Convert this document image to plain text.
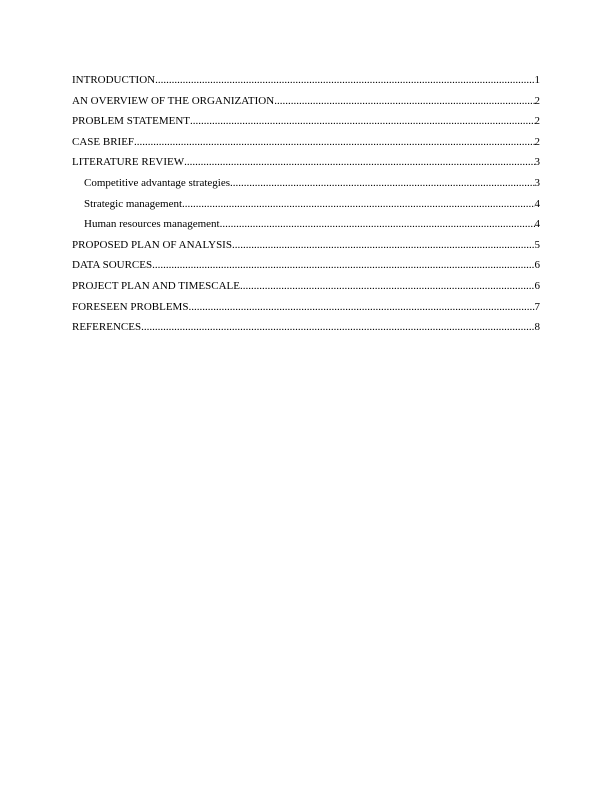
INTRODUCTION .....	1
AN OVERVIEW OF THE ORGANIZATION .....	2
PROBLEM STATEMENT .....	2
CASE BRIEF .....	2
LITERATURE REVIEW .....	3
Competitive advantage strategies .....	3
Strategic management .....	4
Human resources management .....	4
PROPOSED PLAN OF ANALYSIS .....	5
DATA SOURCES .....	6
PROJECT PLAN AND TIMESCALE .....	6
FORESEEN PROBLEMS .....	7
REFERENCES .....	8
